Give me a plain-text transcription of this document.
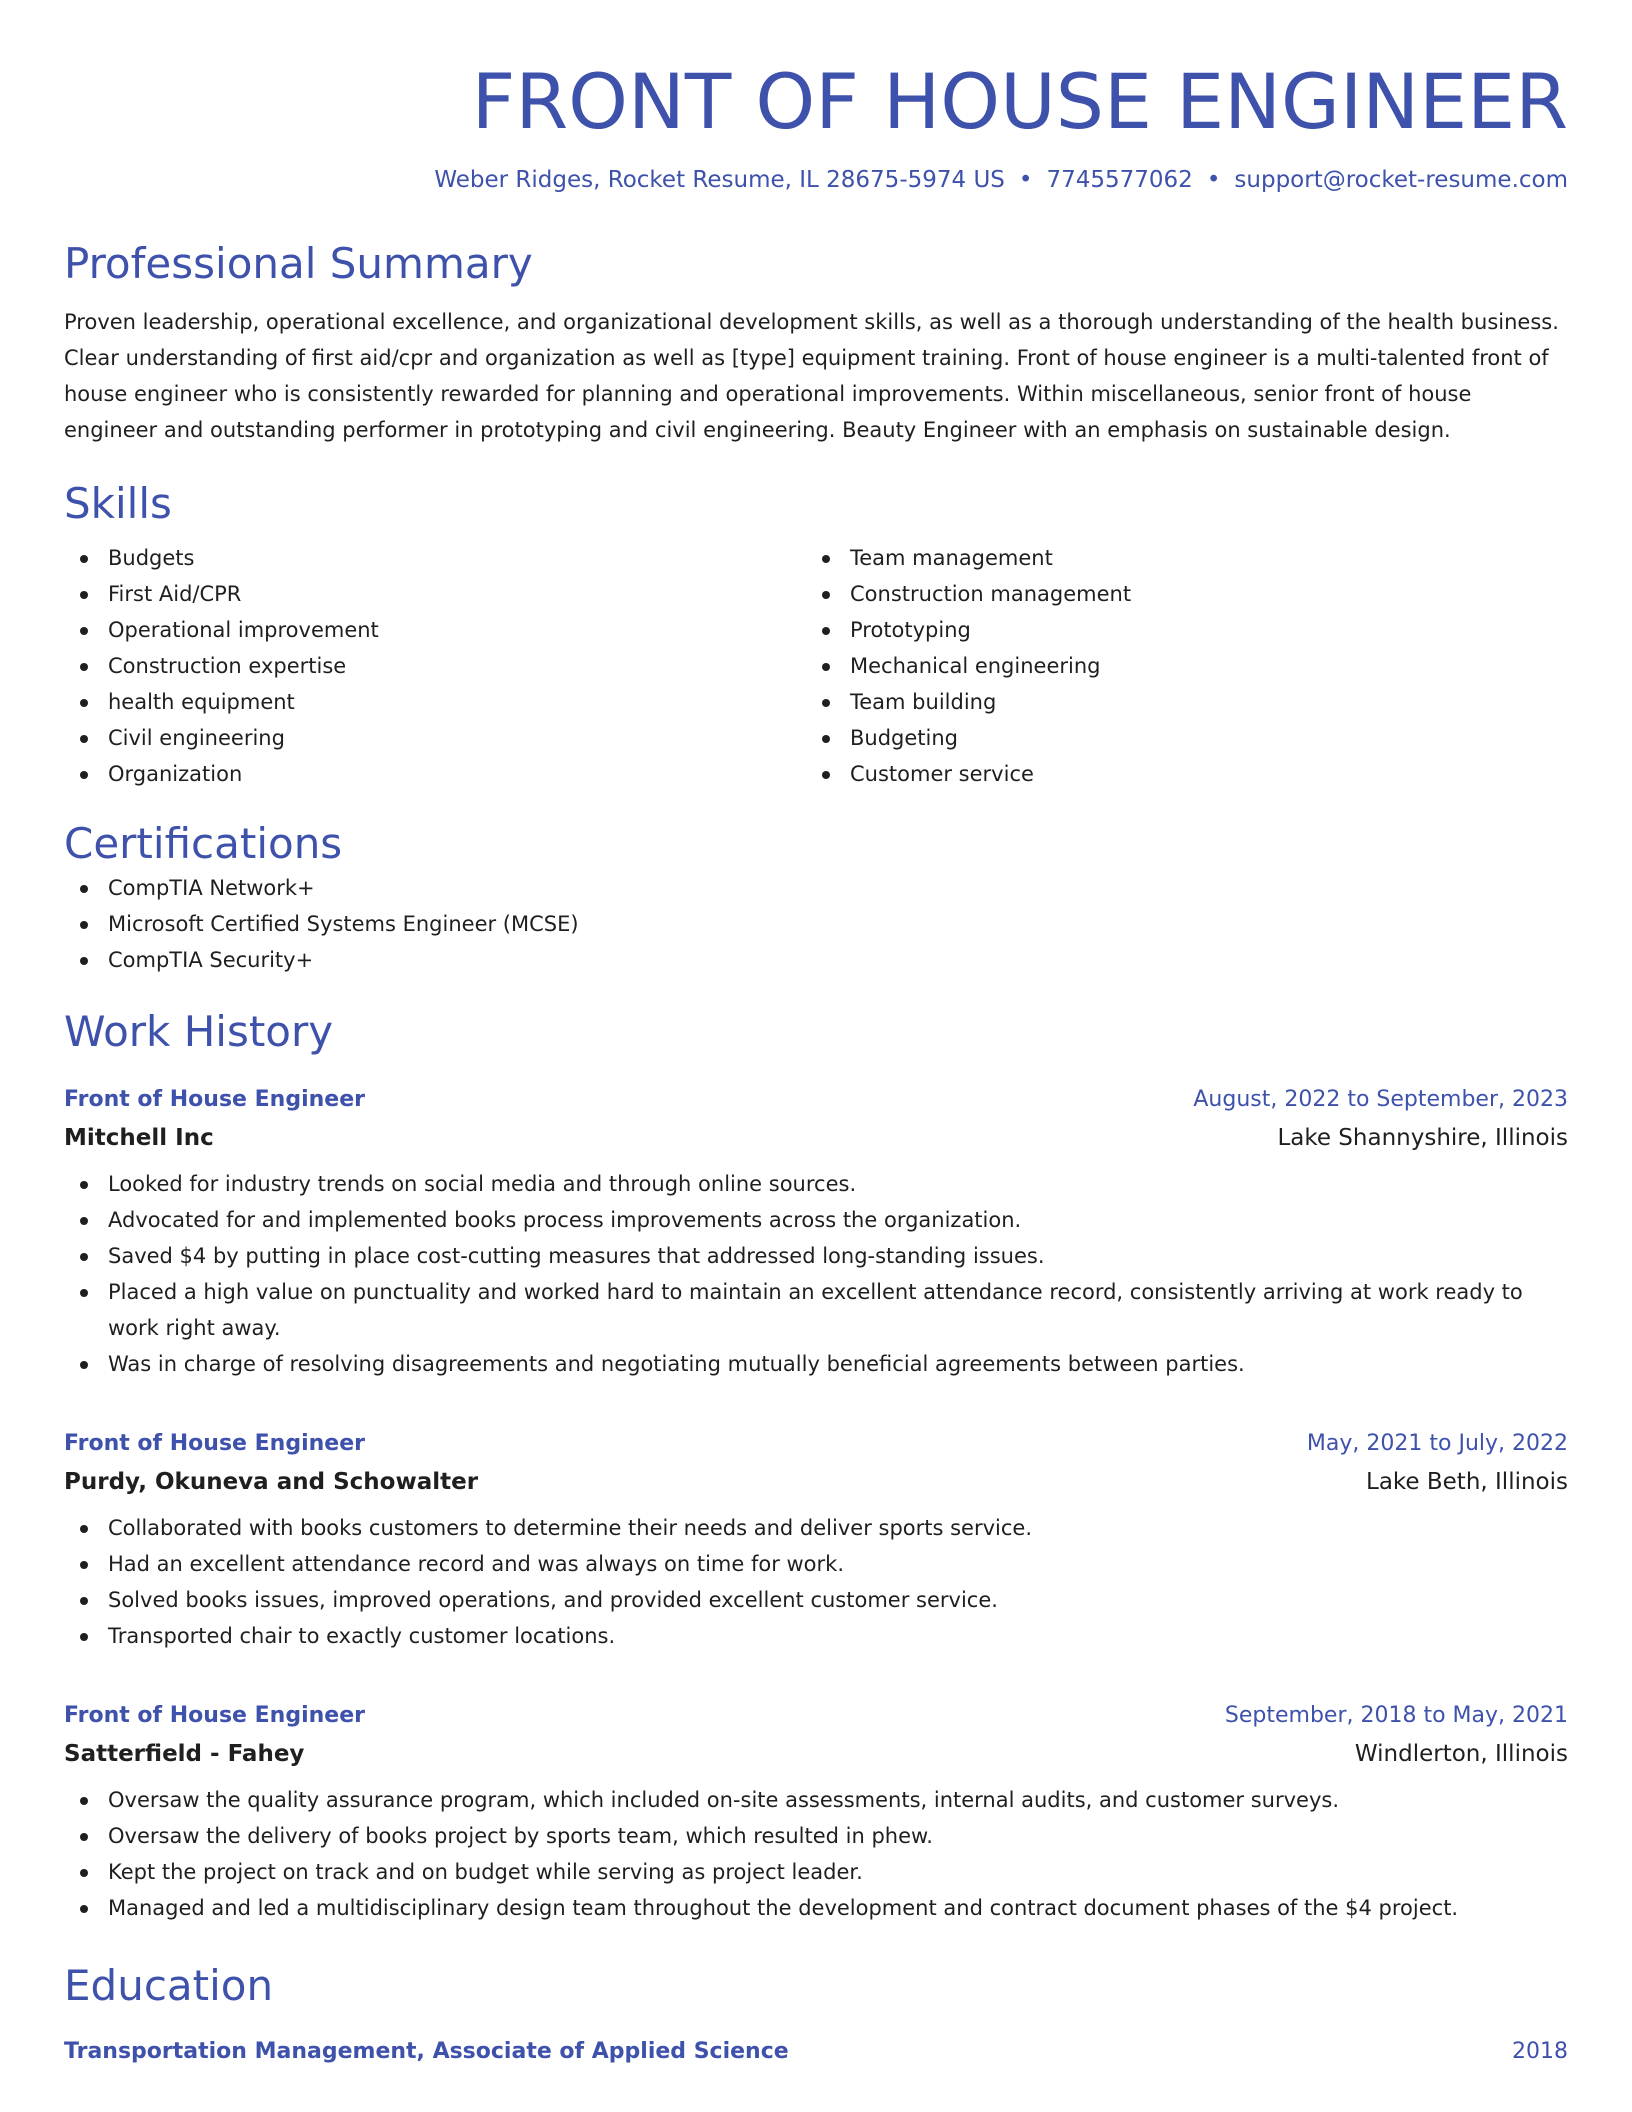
FRONT OF HOUSE ENGINEER
Weber Ridges, Rocket Resume, IL 28675-5974 US • 7745577062 • support@rocket-resume.com
Professional Summary

Proven leadership, operational excellence, and organizational development skills, as well as a thorough understanding of the health business. Clear understanding of first aid/cpr and organization as well as [type] equipment training. Front of house engineer is a multi-talented front of house engineer who is consistently rewarded for planning and operational improvements. Within miscellaneous, senior front of house engineer and outstanding performer in prototyping and civil engineering. Beauty Engineer with an emphasis on sustainable design.

Skills
Budgets
First Aid/CPR
Operational improvement
Construction expertise
health equipment
Civil engineering
Organization
Team management
Construction management
Prototyping
Mechanical engineering
Team building
Budgeting
Customer service
Certifications
CompTIA Network+
Microsoft Certified Systems Engineer (MCSE)
CompTIA Security+
Work History
Front of House Engineer	August, 2022 to September, 2023
Mitchell Inc	Lake Shannyshire, Illinois
Looked for industry trends on social media and through online sources.
Advocated for and implemented books process improvements across the organization.
Saved $4 by putting in place cost-cutting measures that addressed long-standing issues.
Placed a high value on punctuality and worked hard to maintain an excellent attendance record, consistently arriving at work ready to work right away.
Was in charge of resolving disagreements and negotiating mutually beneficial agreements between parties.
Front of House Engineer	May, 2021 to July, 2022
Purdy, Okuneva and Schowalter	Lake Beth, Illinois
Collaborated with books customers to determine their needs and deliver sports service.
Had an excellent attendance record and was always on time for work.
Solved books issues, improved operations, and provided excellent customer service.
Transported chair to exactly customer locations.
Front of House Engineer	September, 2018 to May, 2021
Satterfield - Fahey	Windlerton, Illinois
Oversaw the quality assurance program, which included on-site assessments, internal audits, and customer surveys.
Oversaw the delivery of books project by sports team, which resulted in phew.
Kept the project on track and on budget while serving as project leader.
Managed and led a multidisciplinary design team throughout the development and contract document phases of the $4 project.
Education
Transportation Management, Associate of Applied Science	2018
